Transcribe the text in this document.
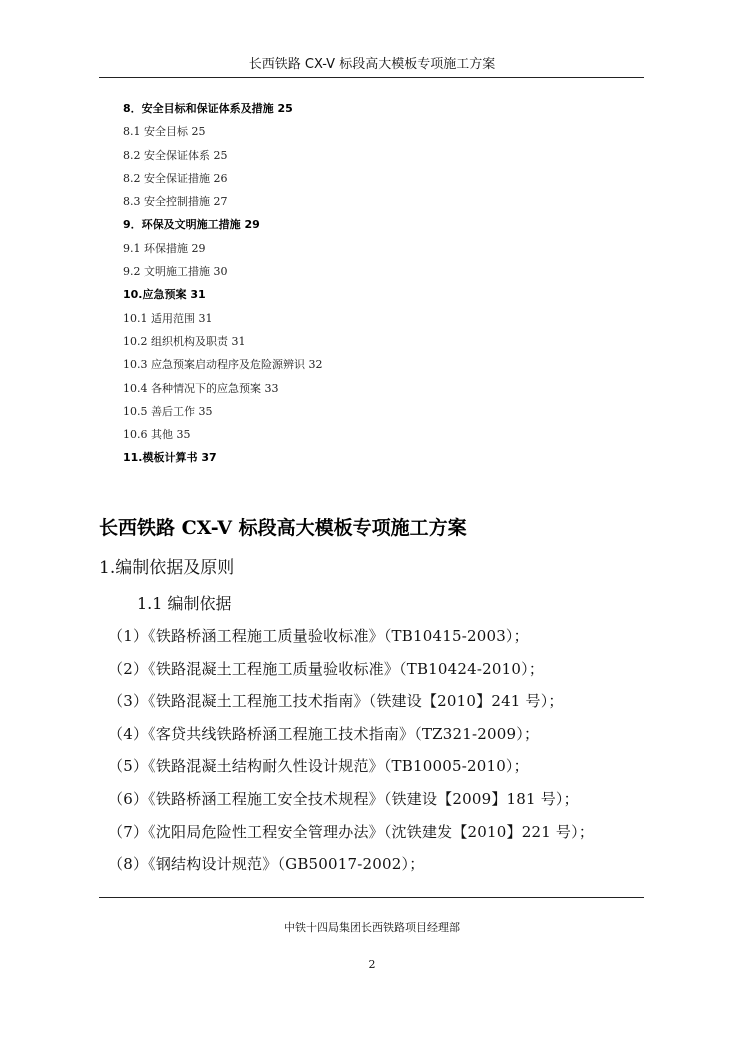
长西铁路 CX-V 标段高大模板专项施工方案
8．安全目标和保证体系及措施 25
8.1 安全目标 25
8.2 安全保证体系 25
8.2 安全保证措施 26
8.3 安全控制措施 27
9．环保及文明施工措施 29
9.1 环保措施 29
9.2 文明施工措施 30
10.应急预案 31
10.1 适用范围 31
10.2 组织机构及职责 31
10.3 应急预案启动程序及危险源辨识 32
10.4 各种情况下的应急预案 33
10.5 善后工作 35
10.6 其他 35
11.模板计算书 37
长西铁路 CX-V 标段高大模板专项施工方案
1.编制依据及原则
1.1 编制依据
（1）《铁路桥涵工程施工质量验收标准》（TB10415-2003）；
（2）《铁路混凝土工程施工质量验收标准》（TB10424-2010）；
（3）《铁路混凝土工程施工技术指南》（铁建设【2010】241 号）；
（4）《客贷共线铁路桥涵工程施工技术指南》（TZ321-2009）；
（5）《铁路混凝土结构耐久性设计规范》（TB10005-2010）；
（6）《铁路桥涵工程施工安全技术规程》（铁建设【2009】181 号）；
（7）《沈阳局危险性工程安全管理办法》（沈铁建发【2010】221 号）；
（8）《钢结构设计规范》（GB50017-2002）；
中铁十四局集团长西铁路项目经理部
2
